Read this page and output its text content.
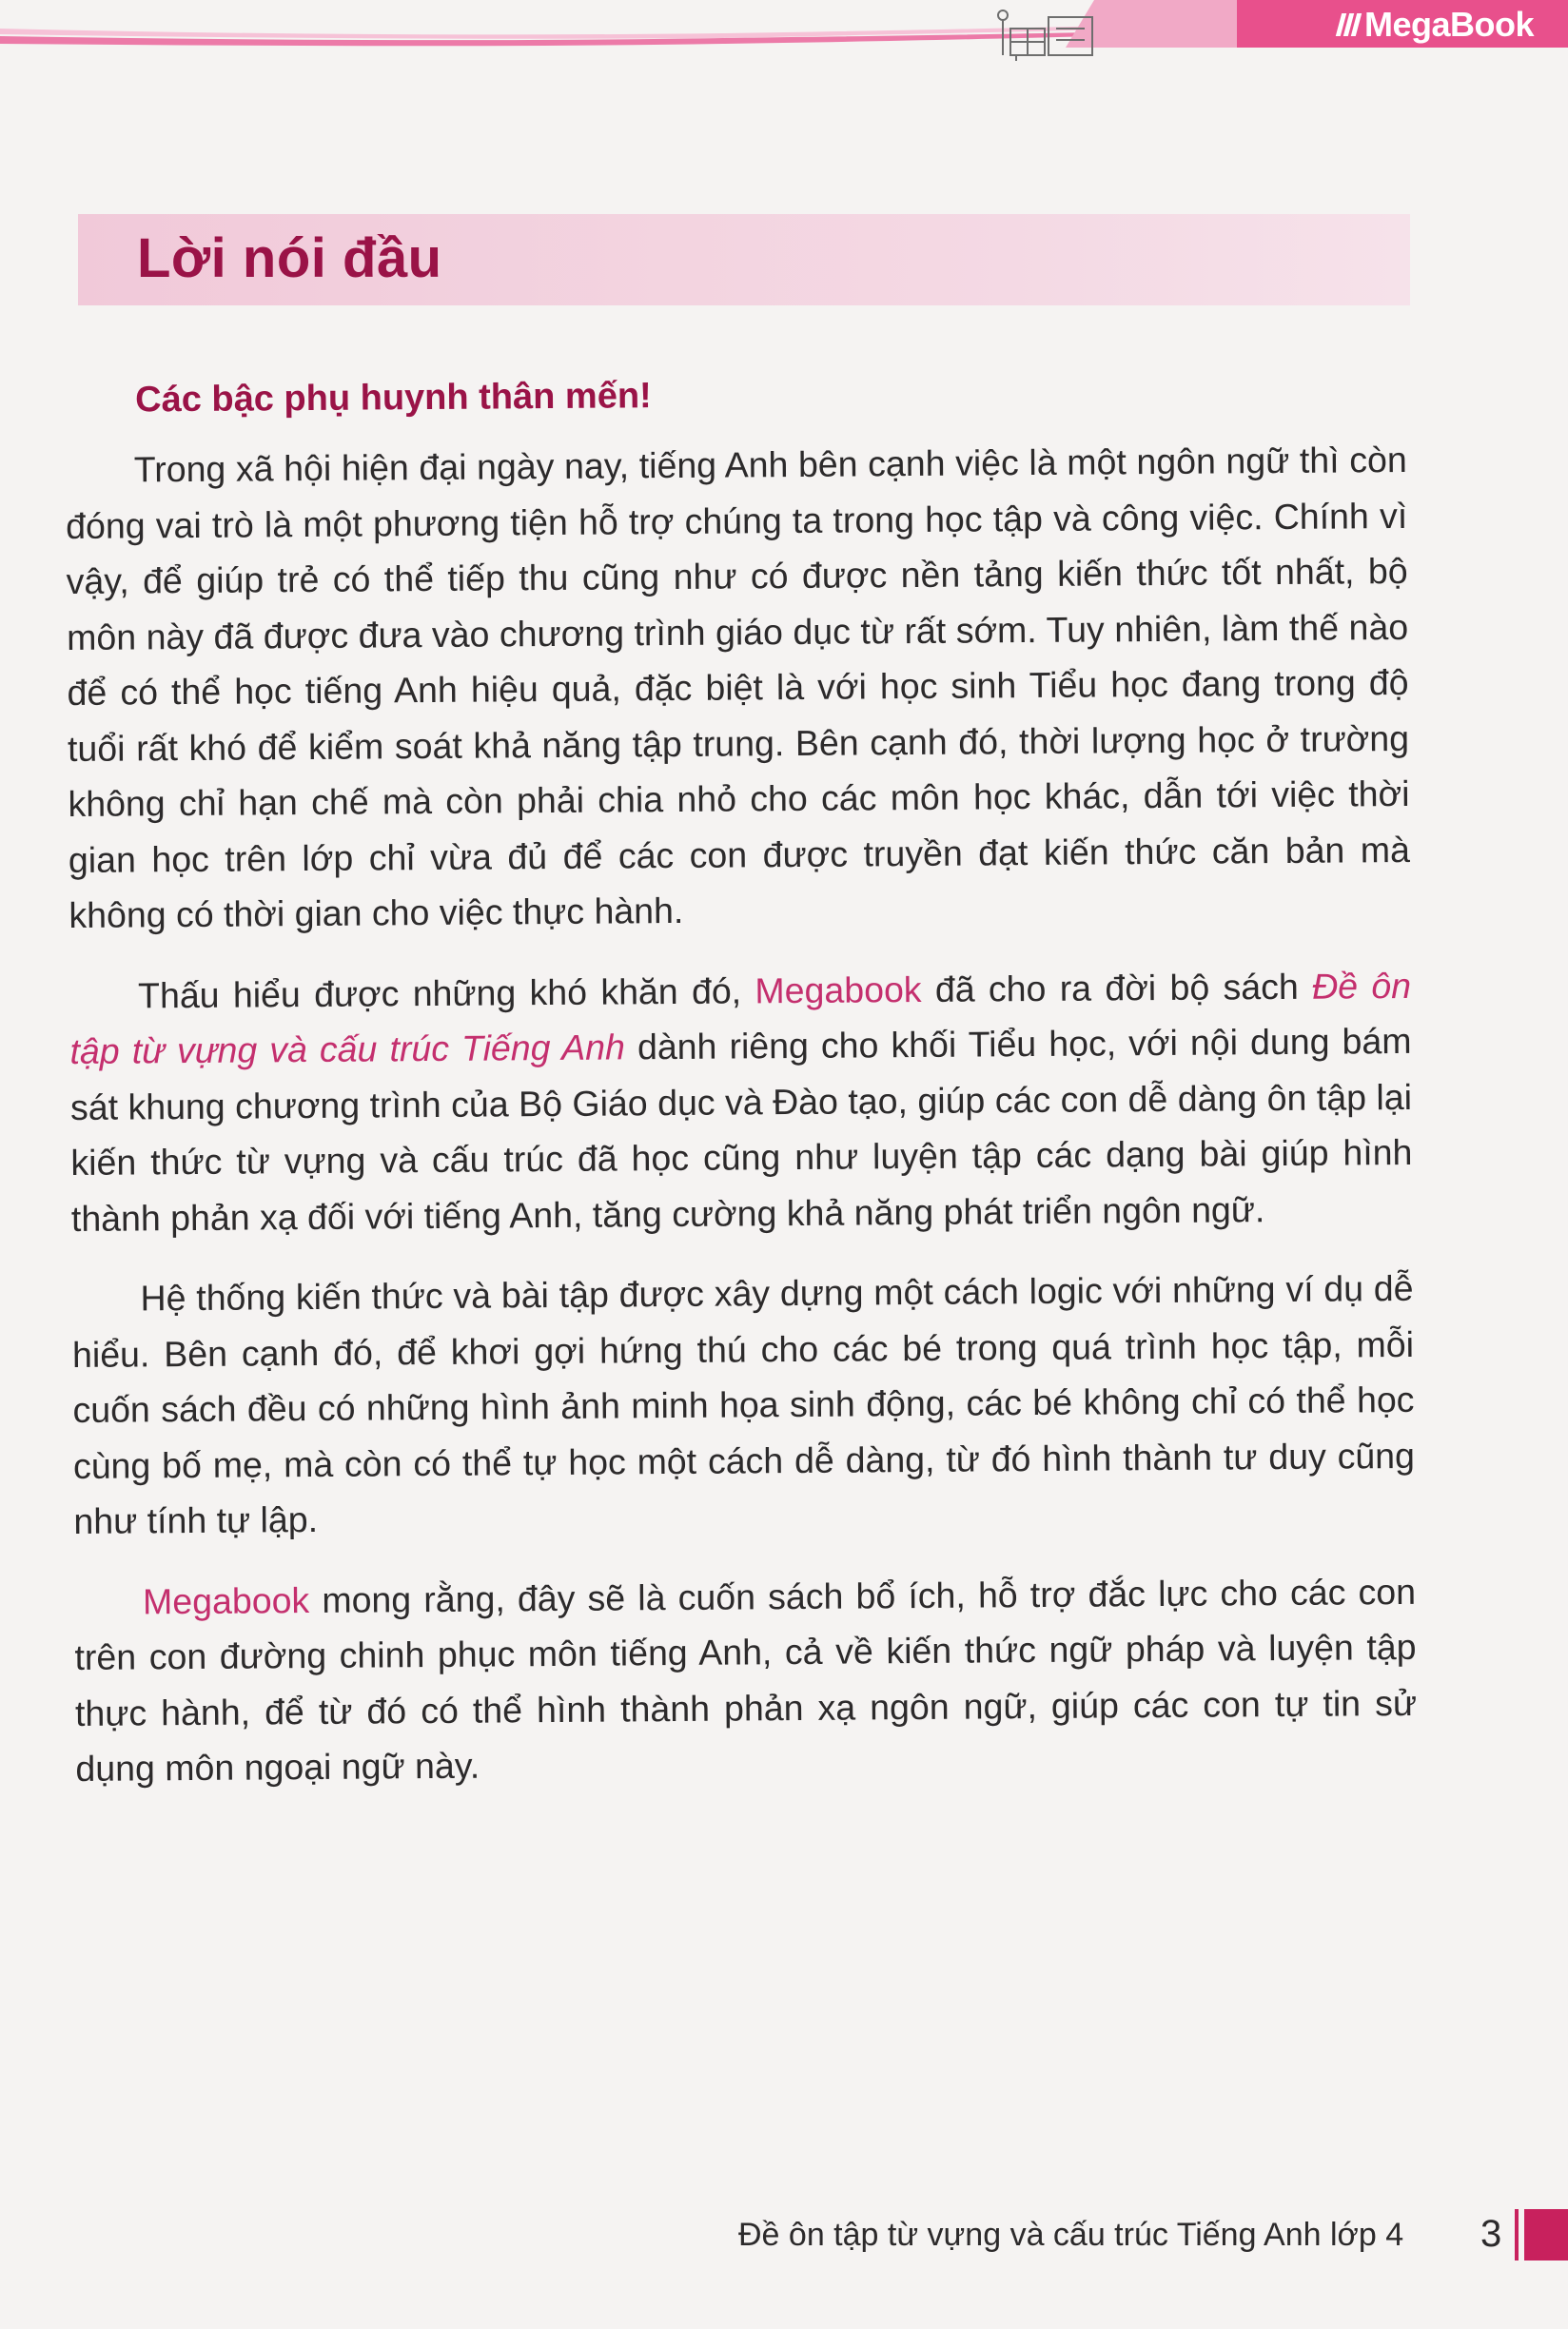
MegaBook
Lời nói đầu

Các bậc phụ huynh thân mến!

Trong xã hội hiện đại ngày nay, tiếng Anh bên cạnh việc là một ngôn ngữ thì còn đóng vai trò là một phương tiện hỗ trợ chúng ta trong học tập và công việc. Chính vì vậy, để giúp trẻ có thể tiếp thu cũng như có được nền tảng kiến thức tốt nhất, bộ môn này đã được đưa vào chương trình giáo dục từ rất sớm. Tuy nhiên, làm thế nào để có thể học tiếng Anh hiệu quả, đặc biệt là với học sinh Tiểu học đang trong độ tuổi rất khó để kiểm soát khả năng tập trung. Bên cạnh đó, thời lượng học ở trường không chỉ hạn chế mà còn phải chia nhỏ cho các môn học khác, dẫn tới việc thời gian học trên lớp chỉ vừa đủ để các con được truyền đạt kiến thức căn bản mà không có thời gian cho việc thực hành.

Thấu hiểu được những khó khăn đó, Megabook đã cho ra đời bộ sách Đề ôn tập từ vựng và cấu trúc Tiếng Anh dành riêng cho khối Tiểu học, với nội dung bám sát khung chương trình của Bộ Giáo dục và Đào tạo, giúp các con dễ dàng ôn tập lại kiến thức từ vựng và cấu trúc đã học cũng như luyện tập các dạng bài giúp hình thành phản xạ đối với tiếng Anh, tăng cường khả năng phát triển ngôn ngữ.

Hệ thống kiến thức và bài tập được xây dựng một cách logic với những ví dụ dễ hiểu. Bên cạnh đó, để khơi gợi hứng thú cho các bé trong quá trình học tập, mỗi cuốn sách đều có những hình ảnh minh họa sinh động, các bé không chỉ có thể học cùng bố mẹ, mà còn có thể tự học một cách dễ dàng, từ đó hình thành tư duy cũng như tính tự lập.

Megabook mong rằng, đây sẽ là cuốn sách bổ ích, hỗ trợ đắc lực cho các con trên con đường chinh phục môn tiếng Anh, cả về kiến thức ngữ pháp và luyện tập thực hành, để từ đó có thể hình thành phản xạ ngôn ngữ, giúp các con tự tin sử dụng môn ngoại ngữ này.

Đề ôn tập từ vựng và cấu trúc Tiếng Anh lớp 4 3
